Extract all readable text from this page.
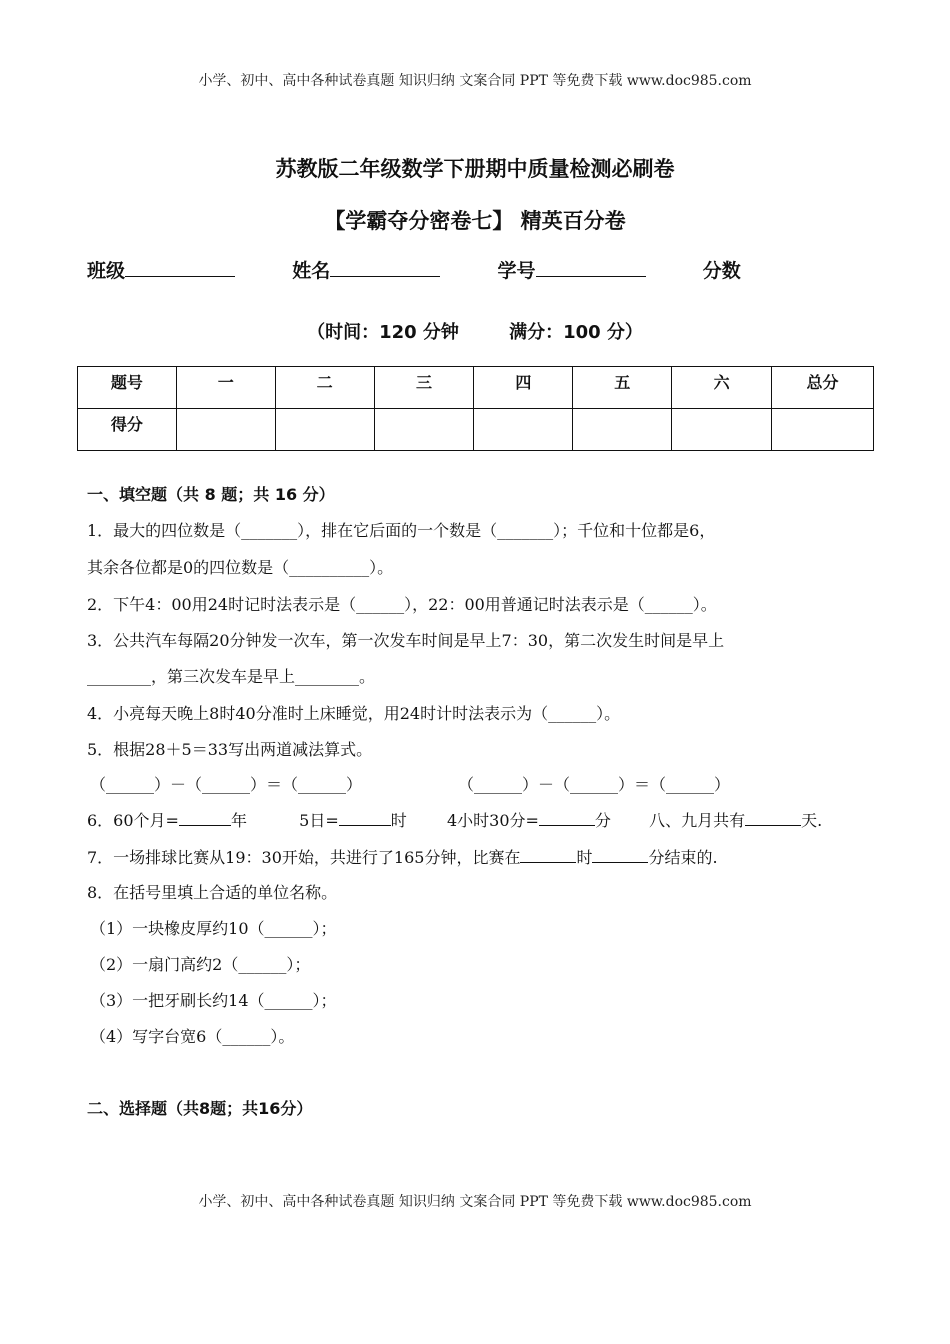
小学、初中、高中各种试卷真题 知识归纳 文案合同 PPT 等免费下载 www.doc985.com
苏教版二年级数学下册期中质量检测必刷卷
【学霸夺分密卷七】 精英百分卷
班级	姓名	学号	分数
（时间：120 分钟        满分：100 分）
题号	一	二	三	四	五	六	总分
得分							
一、填空题（共 8 题；共 16 分）
1．最大的四位数是（_______），排在它后面的一个数是（_______）；千位和十位都是6，
其余各位都是0的四位数是（__________）。
2．下午4：00用24时记时法表示是（______），22：00用普通记时法表示是（______）。
3．公共汽车每隔20分钟发一次车，第一次发车时间是早上7：30，第二次发生时间是早上
________，第三次发车是早上________。
4．小亮每天晚上8时40分准时上床睡觉，用24时计时法表示为（______）。
5．根据28＋5＝33写出两道减法算式。
（______）－（______）＝（______）	（______）－（______）＝（______）
6．60个月=	年	5日=	时	4小时30分=	分 八、九月共有	天.
7．一场排球比赛从19：30开始，共进行了165分钟，比赛在	时	分结束的.
8．在括号里填上合适的单位名称。
（1）一块橡皮厚约10（______）；
（2）一扇门高约2（______）；
（3）一把牙刷长约14（______）；
（4）写字台宽6（______）。
二、选择题（共8题；共16分）
小学、初中、高中各种试卷真题 知识归纳 文案合同 PPT 等免费下载 www.doc985.com
